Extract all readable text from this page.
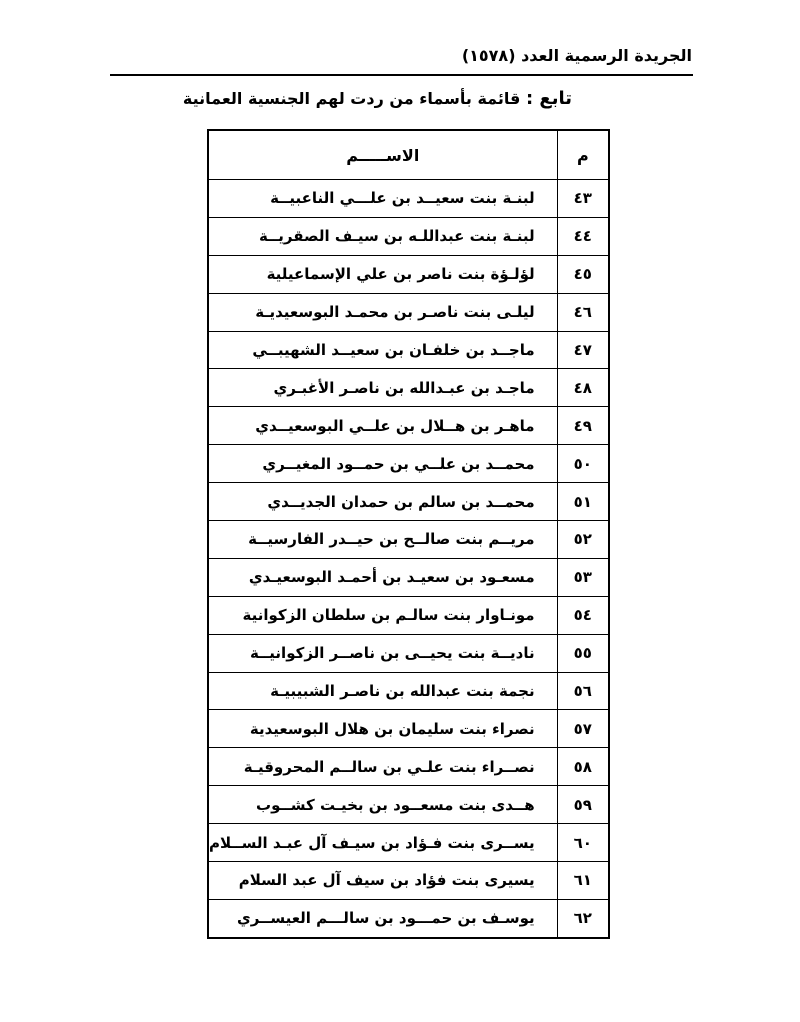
الجريدة الرسمية العدد (١٥٧٨)
تابع : قائمة بأسماء من ردت لهم الجنسية العمانية
م	الاســـــم
٤٣	لبنـة بنت سعيــد بن علـــي الناعبيــة
٤٤	لبنـة بنت عبداللـه بن سيـف الصقريــة
٤٥	لؤلـؤة بنت ناصر بن علي الإسماعيلية
٤٦	ليلـى بنت ناصـر بن محمـد البوسعيديـة
٤٧	ماجــد بن خلفـان بن سعيــد الشهيبــي
٤٨	ماجـد بن عبـدالله بن ناصـر الأغبـري
٤٩	ماهـر بن هــلال بن علــي البوسعيــدي
٥٠	محمــد بن علــي بن حمــود المغيــري
٥١	محمــد بن سالم بن حمدان الجديــدي
٥٢	مريــم بنت صالــح بن حيــدر الفارسيــة
٥٣	مسعـود بن سعيـد بن أحمـد البوسعيـدي
٥٤	مونـاوار بنت سالـم بن سلطان الزكوانية
٥٥	ناديــة بنت يحيــى بن ناصــر الزكوانيــة
٥٦	نجمة بنت عبدالله بن ناصـر الشبيبيـة
٥٧	نصراء بنت سليمان بن هلال البوسعيدية
٥٨	نصــراء بنت علـي بن سالــم المحروقيـة
٥٩	هــدى بنت مسعــود بن بخيـت كشــوب
٦٠	يســرى بنت فـؤاد بن سيـف آل عبـد الســلام
٦١	يسيرى بنت فؤاد بن سيف آل عبد السلام
٦٢	يوسـف بن حمـــود بن سالـــم العيســري
